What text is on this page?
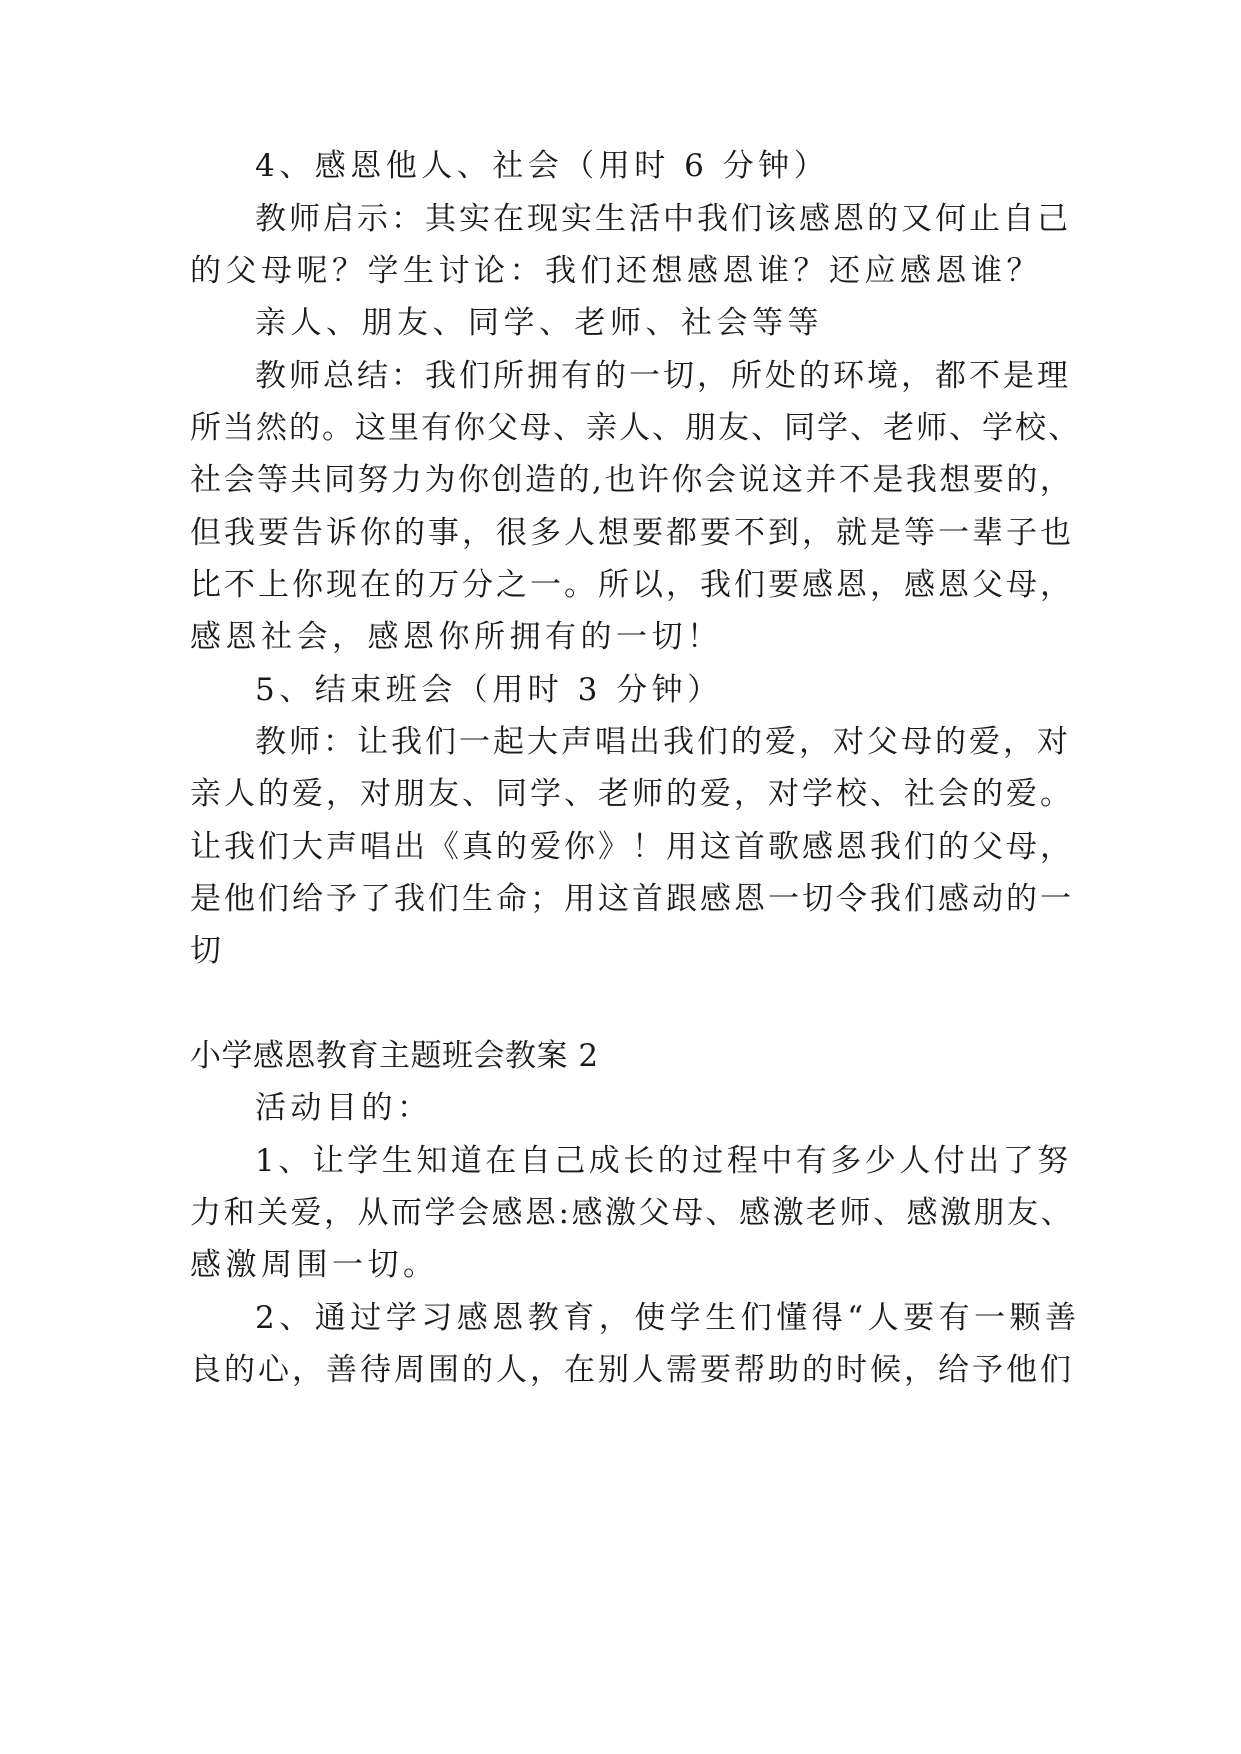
4、感恩他人、社会（用时 6 分钟）
教师启示：其实在现实生活中我们该感恩的又何止自己
的父母呢？学生讨论：我们还想感恩谁？还应感恩谁？
亲人、朋友、同学、老师、社会等等
教师总结：我们所拥有的一切，所处的环境，都不是理
所当然的。这里有你父母、亲人、朋友、同学、老师、学校、
社会等共同努力为你创造的,也许你会说这并不是我想要的，
但我要告诉你的事，很多人想要都要不到，就是等一辈子也
比不上你现在的万分之一。所以，我们要感恩，感恩父母，
感恩社会，感恩你所拥有的一切！
5、结束班会（用时 3 分钟）
教师：让我们一起大声唱出我们的爱，对父母的爱，对
亲人的爱，对朋友、同学、老师的爱，对学校、社会的爱。
让我们大声唱出《真的爱你》！用这首歌感恩我们的父母，
是他们给予了我们生命；用这首跟感恩一切令我们感动的一
切
小学感恩教育主题班会教案 2
活动目的：
1、让学生知道在自己成长的过程中有多少人付出了努
力和关爱，从而学会感恩:感激父母、感激老师、感激朋友、
感激周围一切。
2、通过学习感恩教育，使学生们懂得“人要有一颗善
良的心，善待周围的人，在别人需要帮助的时候，给予他们
